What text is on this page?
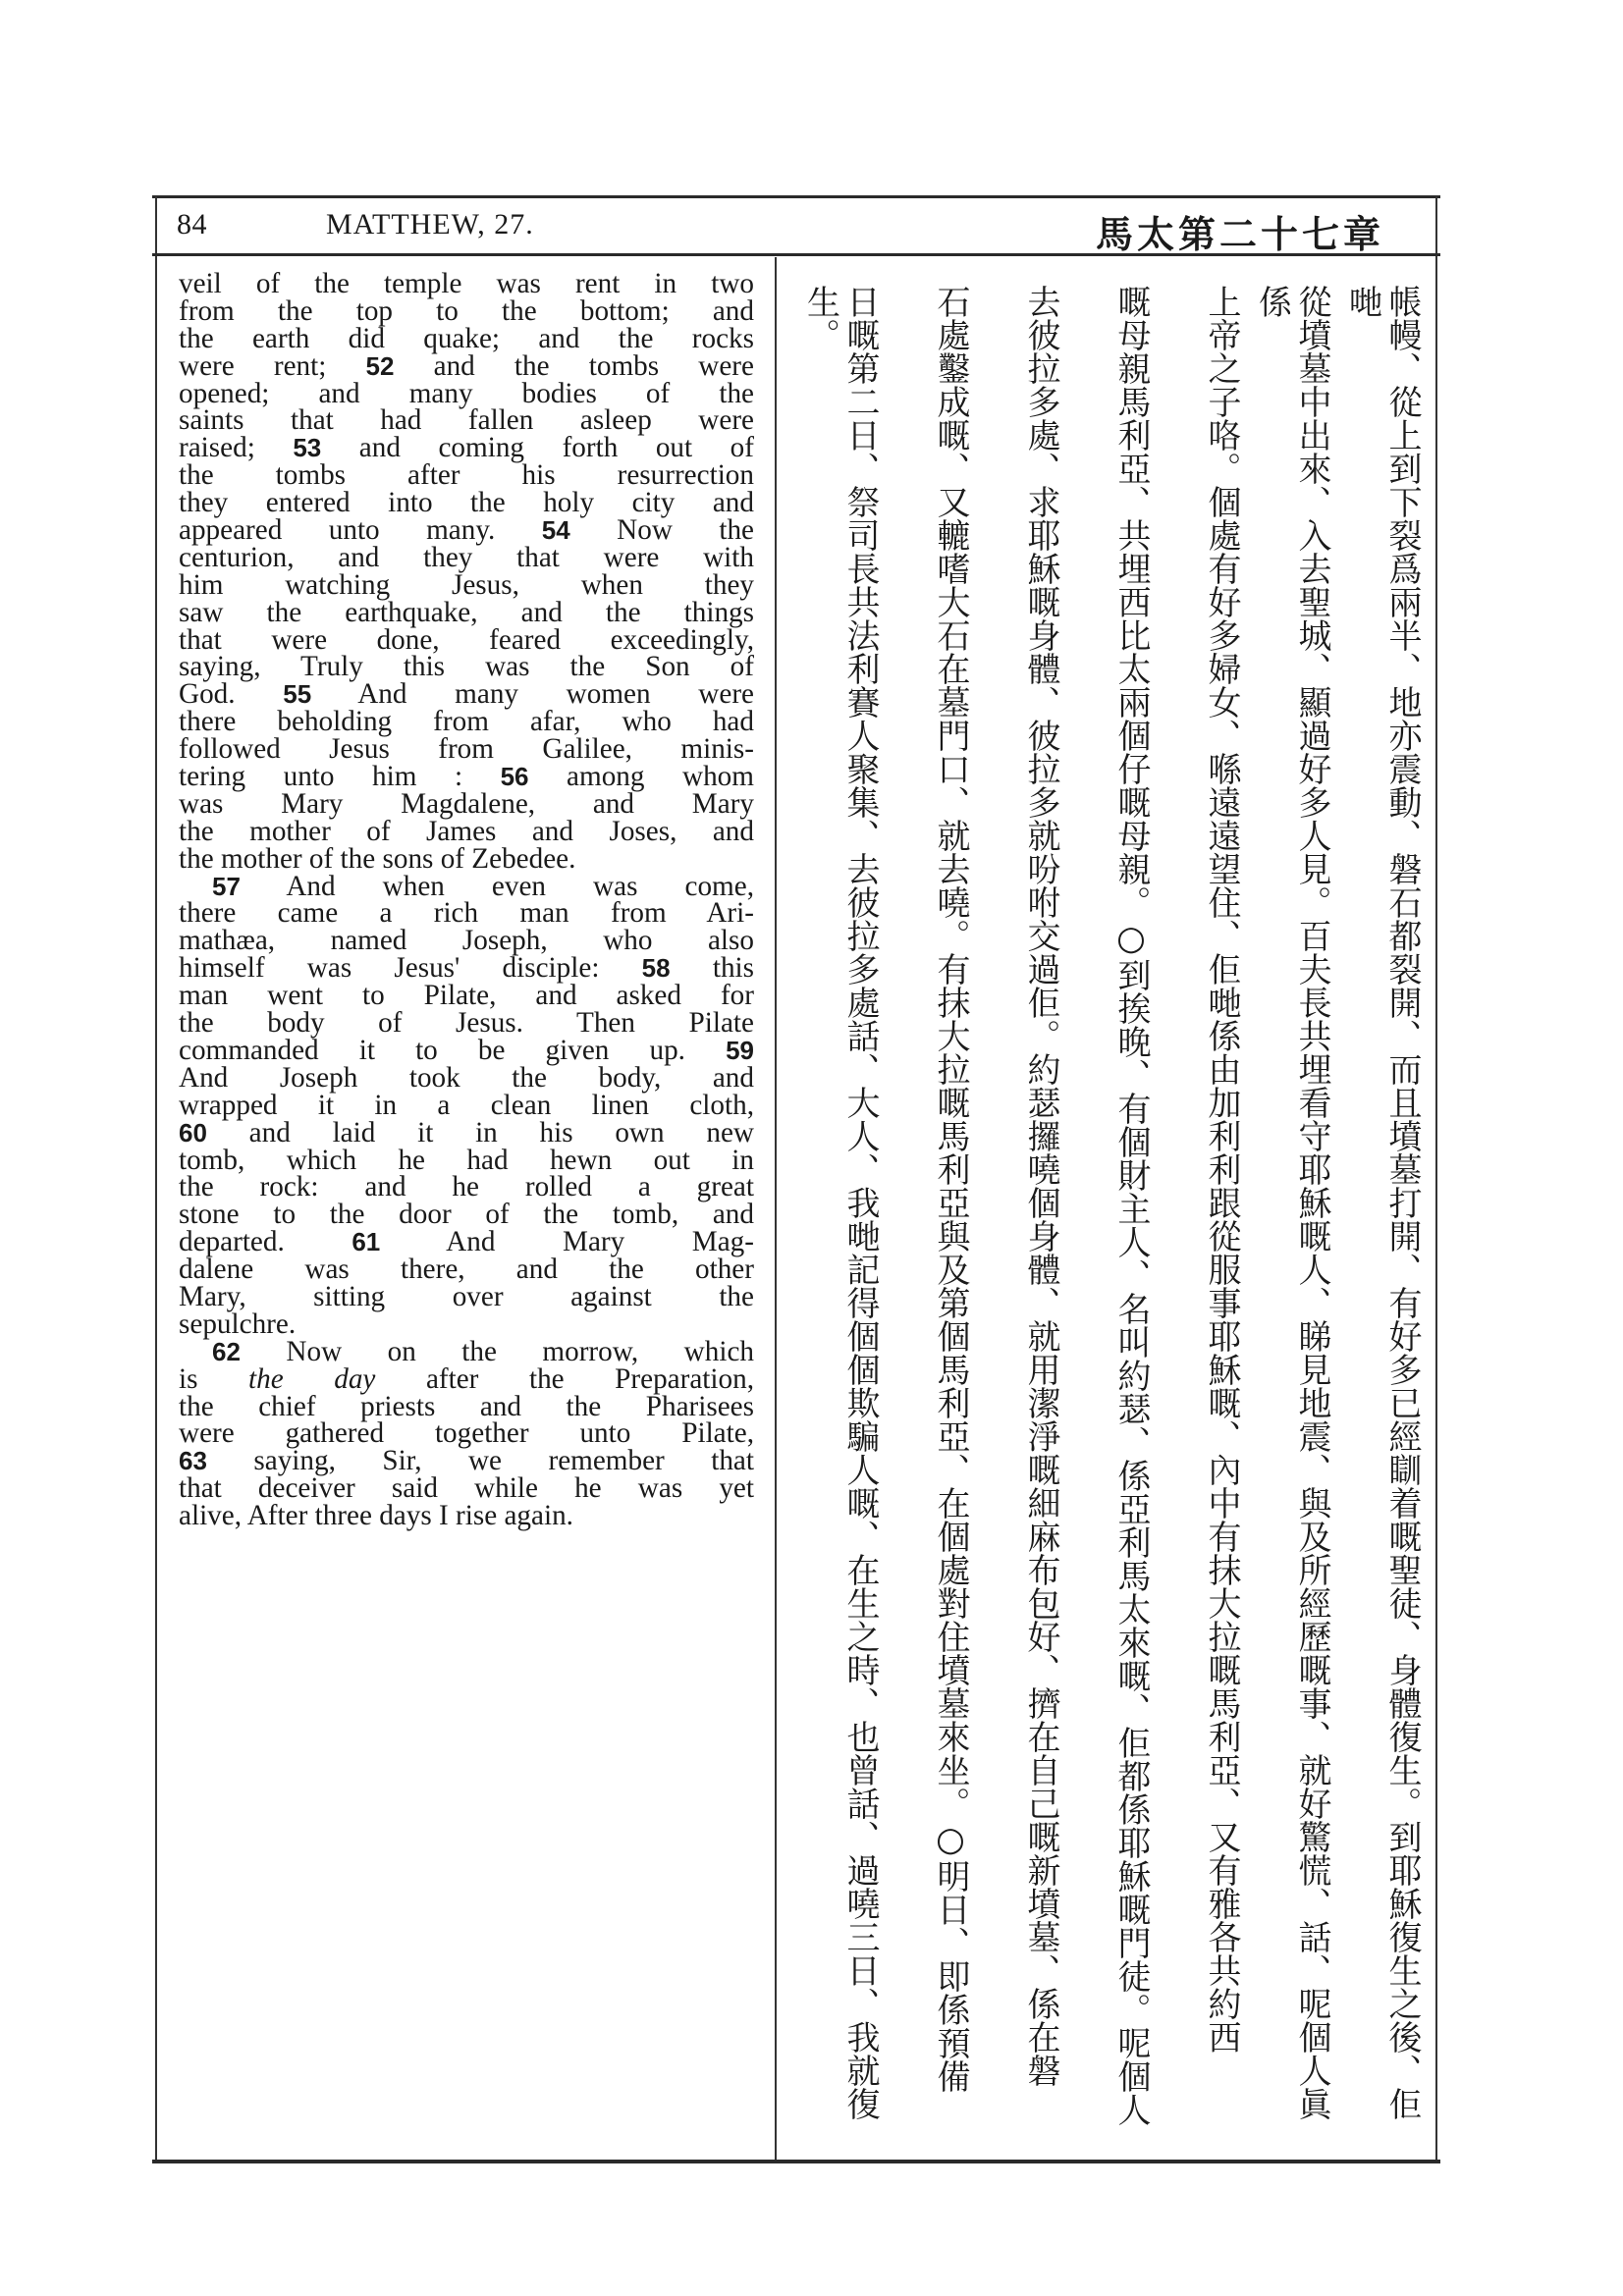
84	MATTHEW, 27.	馬太第二十七章
veil of the temple was rent in two
from the top to the bottom; and
the earth did quake; and the rocks
were rent; 52 and the tombs were
opened; and many bodies of the
saints that had fallen asleep were
raised; 53 and coming forth out of
the tombs after his resurrection
they entered into the holy city and
appeared unto many. 54 Now the
centurion, and they that were with
him watching Jesus, when they
saw the earthquake, and the things
that were done, feared exceedingly,
saying, Truly this was the Son of
God. 55 And many women were
there beholding from afar, who had
followed Jesus from Galilee, minis-
tering unto him : 56 among whom
was Mary Magdalene, and Mary
the mother of James and Joses, and
the mother of the sons of Zebedee.
57 And when even was come,
there came a rich man from Ari-
mathæa, named Joseph, who also
himself was Jesus' disciple: 58 this
man went to Pilate, and asked for
the body of Jesus. Then Pilate
commanded it to be given up. 59
And Joseph took the body, and
wrapped it in a clean linen cloth,
60 and laid it in his own new
tomb, which he had hewn out in
the rock: and he rolled a great
stone to the door of the tomb, and
departed. 61 And Mary Mag-
dalene was there, and the other
Mary, sitting over against the
sepulchre.
62 Now on the morrow, which
is the day after the Preparation,
the chief priests and the Pharisees
were gathered together unto Pilate,
63 saying, Sir, we remember that
that deceiver said while he was yet
alive, After three days I rise again.	帳幔、從上到下裂爲兩半、地亦震動、磐石都裂開、而且墳墓打開、有好多已經瞓着嘅聖徒、身體復生。到耶穌復生之後、佢哋
從墳墓中出來、入去聖城、顯過好多人見。百夫長共埋看守耶穌嘅人、睇見地震、與及所經歷嘅事、就好驚慌、話、呢個人眞係
上帝之子咯。個處有好多婦女、喺遠遠望住、佢哋係由加利利跟從服事耶穌嘅、內中有抹大拉嘅馬利亞、又有雅各共約西
嘅母親馬利亞、共埋西比太兩個仔嘅母親。○到挨晚、有個財主人、名叫約瑟、係亞利馬太來嘅、佢都係耶穌嘅門徒。呢個人
去彼拉多處、求耶穌嘅身體、彼拉多就吩咐交過佢。約瑟攞嘵個身體、就用潔淨嘅細麻布包好、擠在自己嘅新墳墓、係在磐
石處鑿成嘅、又轆嗜大石在墓門口、就去嘵。有抹大拉嘅馬利亞與及第個馬利亞、在個處對住墳墓來坐。○明日、即係預備
日嘅第二日、祭司長共法利賽人聚集、去彼拉多處話、大人、我哋記得個個欺騙人嘅、在生之時、也曾話、過嘵三日、我就復生。
